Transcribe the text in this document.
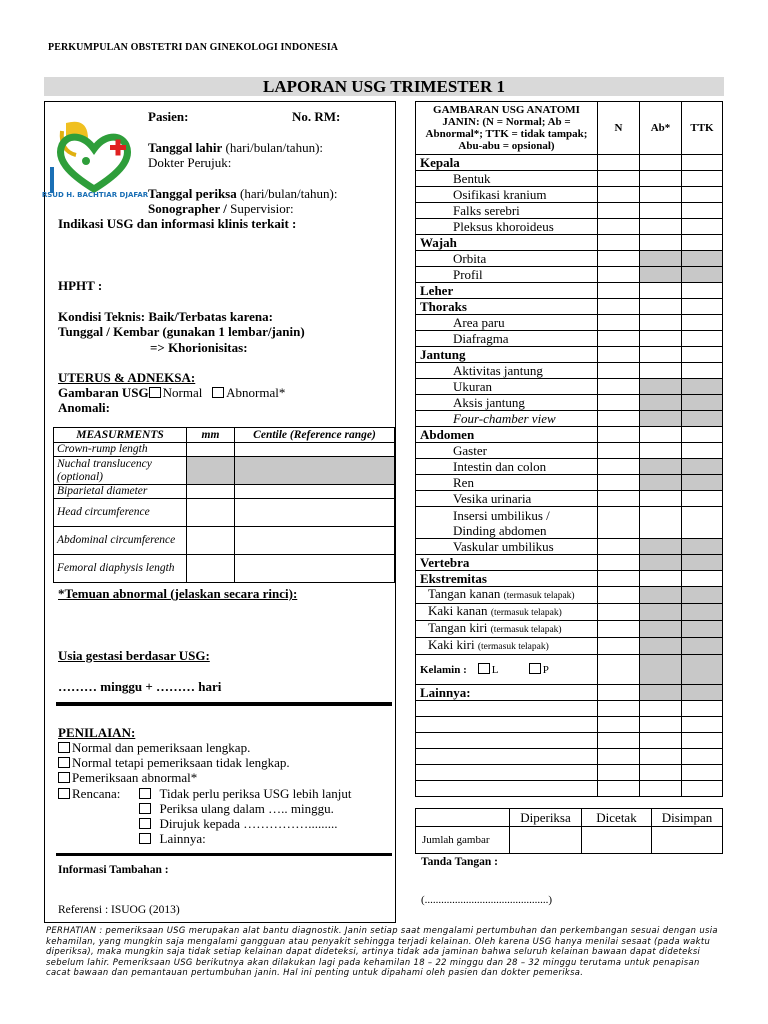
PERKUMPULAN OBSTETRI DAN GINEKOLOGI INDONESIA
LAPORAN USG TRIMESTER 1
RSUD H. BACHTIAR DJAFAR
Pasien:	No. RM:
Tanggal lahir (hari/bulan/tahun):
Dokter Perujuk:
Tanggal periksa (hari/bulan/tahun):
Sonographer / Supervisior:
Indikasi USG dan informasi klinis terkait :
HPHT :
Kondisi Teknis: Baik/Terbatas karena:
Tunggal / Kembar (gunakan 1 lembar/janin)
=> Khorionisitas:
UTERUS & ADNEKSA:
Gambaran USG Normal Abnormal*
Anomali:
MEASURMENTS	mm	Centile (Reference range)
Crown-rump length		
Nuchal translucency (optional)		
Biparietal diameter		
Head circumference		
Abdominal circumference		
Femoral diaphysis length		
*Temuan abnormal (jelaskan secara rinci):
Usia gestasi berdasar USG:
……… minggu + ……… hari
PENILAIAN:
Normal dan pemeriksaan lengkap.
Normal tetapi pemeriksaan tidak lengkap.
Pemeriksaan abnormal*
Rencana:	Tidak perlu periksa USG lebih lanjut
Periksa ulang dalam ….. minggu.
Dirujuk kepada …………….........
Lainnya:
Informasi Tambahan :
Referensi : ISUOG (2013)
GAMBARAN USG ANATOMI JANIN: (N = Normal; Ab = Abnormal*; TTK = tidak tampak; Abu-abu = opsional)	N	Ab*	TTK
Kepala			
Bentuk			
Osifikasi kranium			
Falks serebri			
Pleksus khoroideus			
Wajah			
Orbita			
Profil			
Leher			
Thoraks			
Area paru			
Diafragma			
Jantung			
Aktivitas jantung			
Ukuran			
Aksis jantung			
Four-chamber view			
Abdomen			
Gaster			
Intestin dan colon			
Ren			
Vesika urinaria			
Insersi umbilikus / Dinding abdomen			
Vaskular umbilikus			
Vertebra			
Ekstremitas			
Tangan kanan (termasuk telapak)			
Kaki kanan (termasuk telapak)			
Tangan kiri (termasuk telapak)			
Kaki kiri (termasuk telapak)			
Kelamin : L P			
Lainnya:			

	Diperiksa	Dicetak	Disimpan
Jumlah gambar			
Tanda Tangan :
(.............................................)
PERHATIAN : pemeriksaan USG merupakan alat bantu diagnostik. Janin setiap saat mengalami pertumbuhan dan perkembangan sesuai dengan usia kehamilan, yang mungkin saja mengalami gangguan atau penyakit sehingga terjadi kelainan. Oleh karena USG hanya menilai sesaat (pada waktu diperiksa), maka mungkin saja tidak setiap kelainan dapat dideteksi, artinya tidak ada jaminan bahwa seluruh kelainan bawaan dapat dideteksi sebelum lahir. Pemeriksaan USG berikutnya akan dilakukan lagi pada kehamilan 18 – 22 minggu dan 28 – 32 minggu terutama untuk penapisan cacat bawaan dan pemantauan pertumbuhan janin. Hal ini penting untuk dipahami oleh pasien dan dokter pemeriksa.
